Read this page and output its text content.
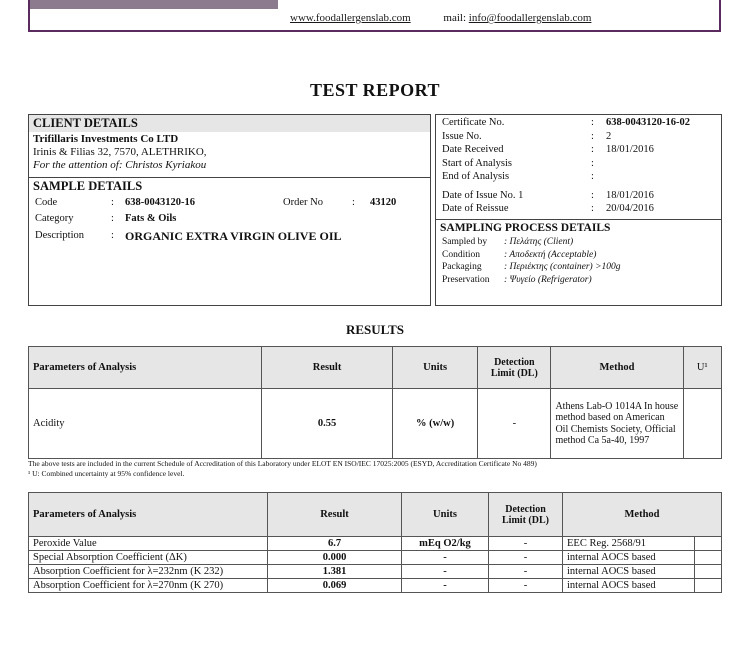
www.foodallergenslab.com	mail: info@foodallergenslab.com
TEST REPORT
CLIENT DETAILS
Trifillaris Investments Co LTD
Irinis & Filias 32, 7570, ALETHRIKO,
For the attention of: Christos Kyriakou
SAMPLE DETAILS
Code	: 638-0043120-16	Order No	: 43120
Category	: Fats & Oils
Description	: ORGANIC EXTRA VIRGIN OLIVE OIL
Certificate No.	: 638-0043120-16-02
Issue No.	: 2
Date Received	: 18/01/2016
Start of Analysis	:
End of Analysis	:
Date of Issue No. 1	: 18/01/2016
Date of Reissue	: 20/04/2016
SAMPLING PROCESS DETAILS
Sampled by : Πελάτης (Client)
Condition	: Αποδεκτή (Acceptable)
Packaging : Περιέκτης (container) >100g
Preservation : Ψυγείο (Refrigerator)
RESULTS
Parameters of Analysis	Result	Units	Detection Limit (DL)	Method	U¹
Acidity	0.55	% (w/w)	-	Athens Lab-O 1014A In house method based on American Oil Chemists Society, Official method Ca 5a-40, 1997	
The above tests are included in the current Schedule of Accreditation of this Laboratory under ELOT EN ISO/IEC 17025:2005 (ESYD, Accreditation Certificate No 489)
¹ U: Combined uncertainty at 95% confidence level.
Parameters of Analysis	Result	Units	Detection Limit (DL)	Method	
Peroxide Value	6.7	mEq O2/kg	-	EEC Reg. 2568/91	
Special Absorption Coefficient (ΔK)	0.000	-	-	internal AOCS based	
Absorption Coefficient for λ=232nm (K 232)	1.381	-	-	internal AOCS based	
Absorption Coefficient for λ=270nm (K 270)	0.069	-	-	internal AOCS based	
